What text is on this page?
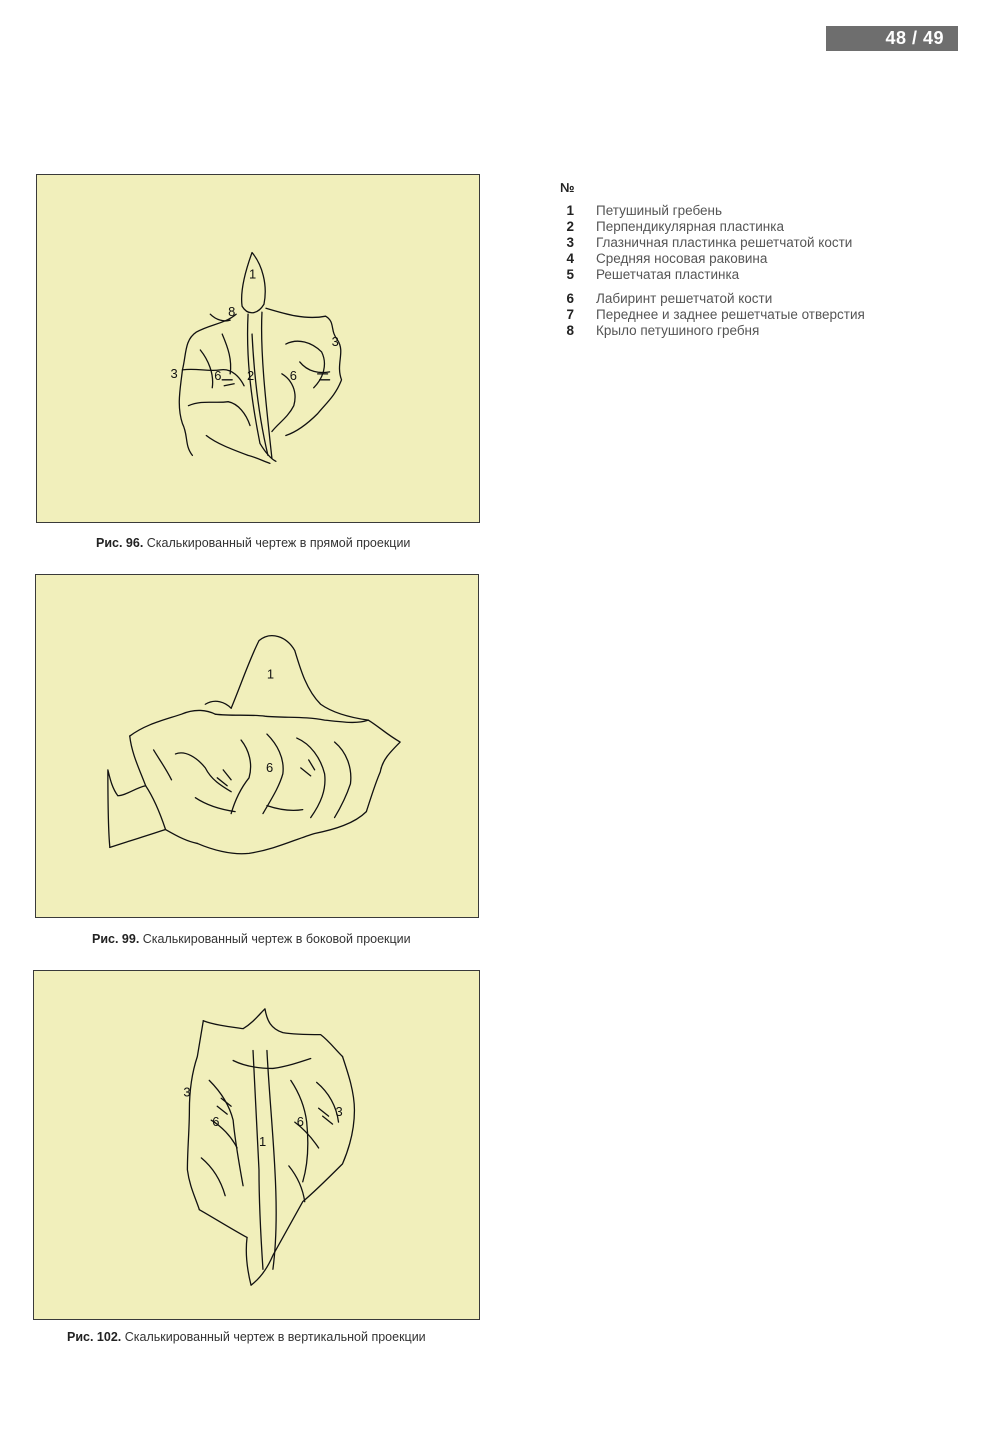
48 / 49
1
8
3
3	6 2	6
Рис. 96. Скалькированный чертеж в прямой проекции
1
6
Рис. 99. Скалькированный чертеж в боковой проекции
3
3
6	6
1
Рис. 102. Скалькированный чертеж в вертикальной проекции
№
1 Петушиный гребень
2 Перпендикулярная пластинка
3 Глазничная пластинка решетчатой кости
4 Средняя носовая раковина
5 Решетчатая пластинка
6 Лабиринт решетчатой кости
7 Переднее и заднее решетчатые отверстия
8 Крыло петушиного гребня
